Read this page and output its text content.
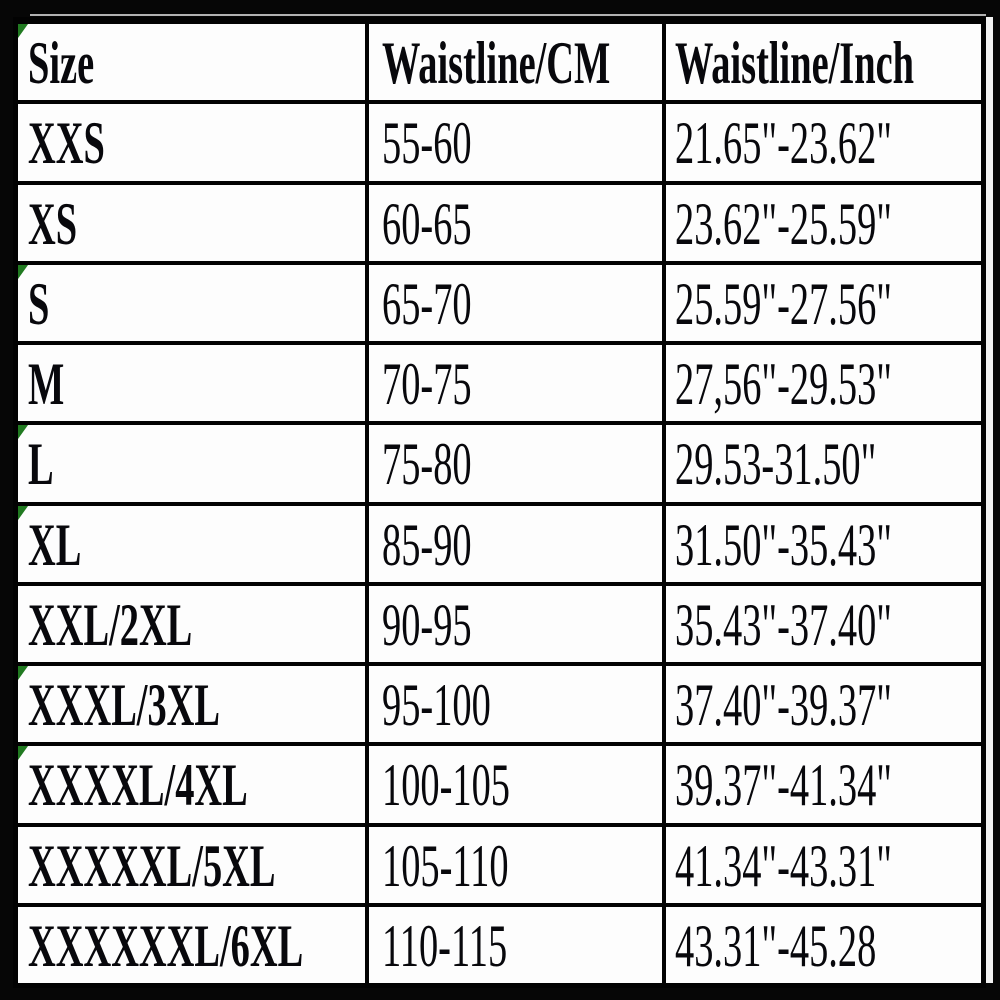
Size	Waistline/CM Waistline/Inch
XXS	55-60	21.65"-23.62"
XS	60-65	23.62"-25.59"
S	65-70	25.59"-27.56"
M	70-75	27,56"-29.53"
L	75-80	29.53-31.50"
XL	85-90	31.50"-35.43"
XXL/2XL	90-95	35.43"-37.40"
XXXL/3XL	95-100	37.40"-39.37"
XXXXL/4XL 100-105	39.37"-41.34"
XXXXXL/5XL 105-110	41.34"-43.31"
XXXXXXL/6XL 110-115	43.31"-45.28
